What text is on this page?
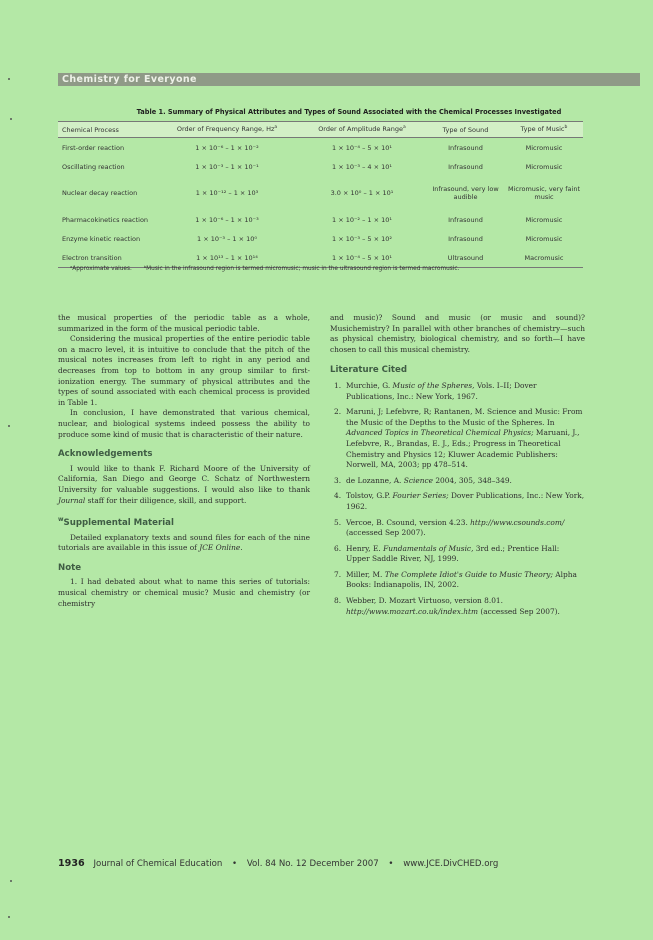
Chemistry for Everyone
Table 1. Summary of Physical Attributes and Types of Sound Associated with the Chemical Processes Investigated
Chemical Process	Order of Frequency Range, Hz$^a$	Order of Amplitude Range$^a$	Type of Sound	Type of Music$^b$
First-order reaction	1 × 10⁻⁶ – 1 × 10⁻²	1 × 10⁻⁴ – 5 × 10¹	Infrasound	Micromusic
Oscillating reaction	1 × 10⁻³ – 1 × 10⁻¹	1 × 10⁻³ – 4 × 10¹	Infrasound	Micromusic
Nuclear decay reaction	1 × 10⁻¹² – 1 × 10³	3.0 × 10⁰ – 1 × 10¹	Infrasound, very low audible	Micromusic, very faint music
Pharmacokinetics reaction	1 × 10⁻⁶ – 1 × 10⁻³	1 × 10⁻² – 1 × 10¹	Infrasound	Micromusic
Enzyme kinetic reaction	1 × 10⁻³ – 1 × 10⁰	1 × 10⁻³ – 5 × 10²	Infrasound	Micromusic
Electron transition	1 × 10¹³ – 1 × 10¹⁴	1 × 10⁻⁴ – 5 × 10¹	Ultrasound	Macromusic
ᵃApproximate values. ᵇMusic in the infrasound region is termed micromusic; music in the ultrasound region is termed macromusic.

the musical properties of the periodic table as a whole, summarized in the form of the musical periodic table.

Considering the musical properties of the entire periodic table on a macro level, it is intuitive to conclude that the pitch of the musical notes increases from left to right in any period and decreases from top to bottom in any group similar to first-ionization energy. The summary of physical attributes and the types of sound associated with each chemical process is provided in Table 1.

In conclusion, I have demonstrated that various chemical, nuclear, and biological systems indeed possess the ability to produce some kind of music that is characteristic of their nature.

Acknowledgements

I would like to thank F. Richard Moore of the University of California, San Diego and George C. Schatz of Northwestern University for valuable suggestions. I would also like to thank Journal staff for their diligence, skill, and support.

$^w$Supplemental Material

Detailed explanatory texts and sound files for each of the nine tutorials are available in this issue of JCE Online.

Note

1. I had debated about what to name this series of tutorials: musical chemistry or chemical music? Music and chemistry (or chemistry

and music)? Sound and music (or music and sound)? Musichemistry? In parallel with other branches of chemistry—such as physical chemistry, biological chemistry, and so forth—I have chosen to call this musical chemistry.

Literature Cited
1. Murchie, G. Music of the Spheres, Vols. I–II; Dover Publications, Inc.: New York, 1967.
2. Maruni, J; Lefebvre, R; Rantanen, M. Science and Music: From the Music of the Depths to the Music of the Spheres. In Advanced Topics in Theoretical Chemical Physics; Maruani, J., Lefebvre, R., Brandas, E. J., Eds.; Progress in Theoretical Chemistry and Physics 12; Kluwer Academic Publishers: Norwell, MA, 2003; pp 478–514.
3. de Lozanne, A. Science 2004, 305, 348–349.
4. Tolstov, G.P. Fourier Series; Dover Publications, Inc.: New York, 1962.
5. Vercoe, B. Csound, version 4.23. http://www.csounds.com/ (accessed Sep 2007).
6. Henry, E. Fundamentals of Music, 3rd ed.; Prentice Hall: Upper Saddle River, NJ, 1999.
7. Miller, M. The Complete Idiot's Guide to Music Theory; Alpha Books: Indianapolis, IN, 2002.
8. Webber, D. Mozart Virtuoso, version 8.01. http://www.mozart.co.uk/index.htm (accessed Sep 2007).
1936 Journal of Chemical Education • Vol. 84 No. 12 December 2007 • www.JCE.DivCHED.org
